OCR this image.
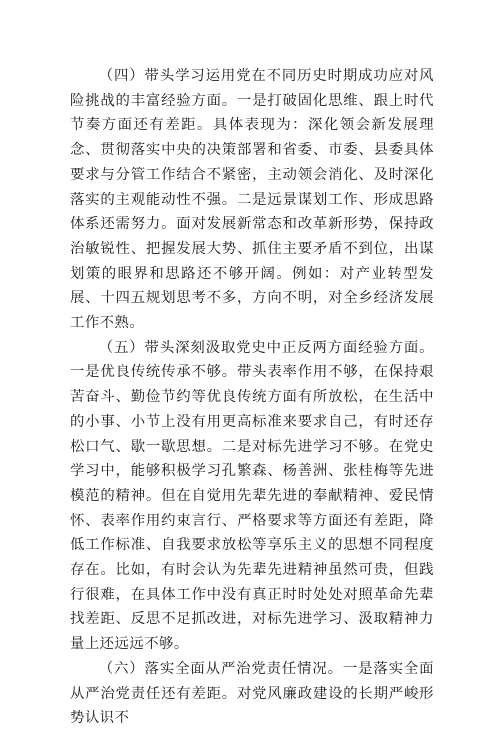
（四）带头学习运用党在不同历史时期成功应对风险挑战的丰富经验方面。一是打破固化思维、跟上时代节奏方面还有差距。具体表现为：深化领会新发展理念、贯彻落实中央的决策部署和省委、市委、县委具体要求与分管工作结合不紧密，主动领会消化、及时深化落实的主观能动性不强。二是远景谋划工作、形成思路体系还需努力。面对发展新常态和改革新形势，保持政治敏锐性、把握发展大势、抓住主要矛盾不到位，出谋划策的眼界和思路还不够开阔。例如：对产业转型发展、十四五规划思考不多，方向不明，对全乡经济发展工作不熟。

（五）带头深刻汲取党史中正反两方面经验方面。一是优良传统传承不够。带头表率作用不够，在保持艰苦奋斗、勤俭节约等优良传统方面有所放松，在生活中的小事、小节上没有用更高标准来要求自己，有时还存松口气、歇一歇思想。二是对标先进学习不够。在党史学习中，能够积极学习孔繁森、杨善洲、张桂梅等先进模范的精神。但在自觉用先辈先进的奉献精神、爱民情怀、表率作用约束言行、严格要求等方面还有差距，降低工作标准、自我要求放松等享乐主义的思想不同程度存在。比如，有时会认为先辈先进精神虽然可贵，但践行很难，在具体工作中没有真正时时处处对照革命先辈找差距、反思不足抓改进，对标先进学习、汲取精神力量上还远远不够。

（六）落实全面从严治党责任情况。一是落实全面从严治党责任还有差距。对党风廉政建设的长期严峻形势认识不
